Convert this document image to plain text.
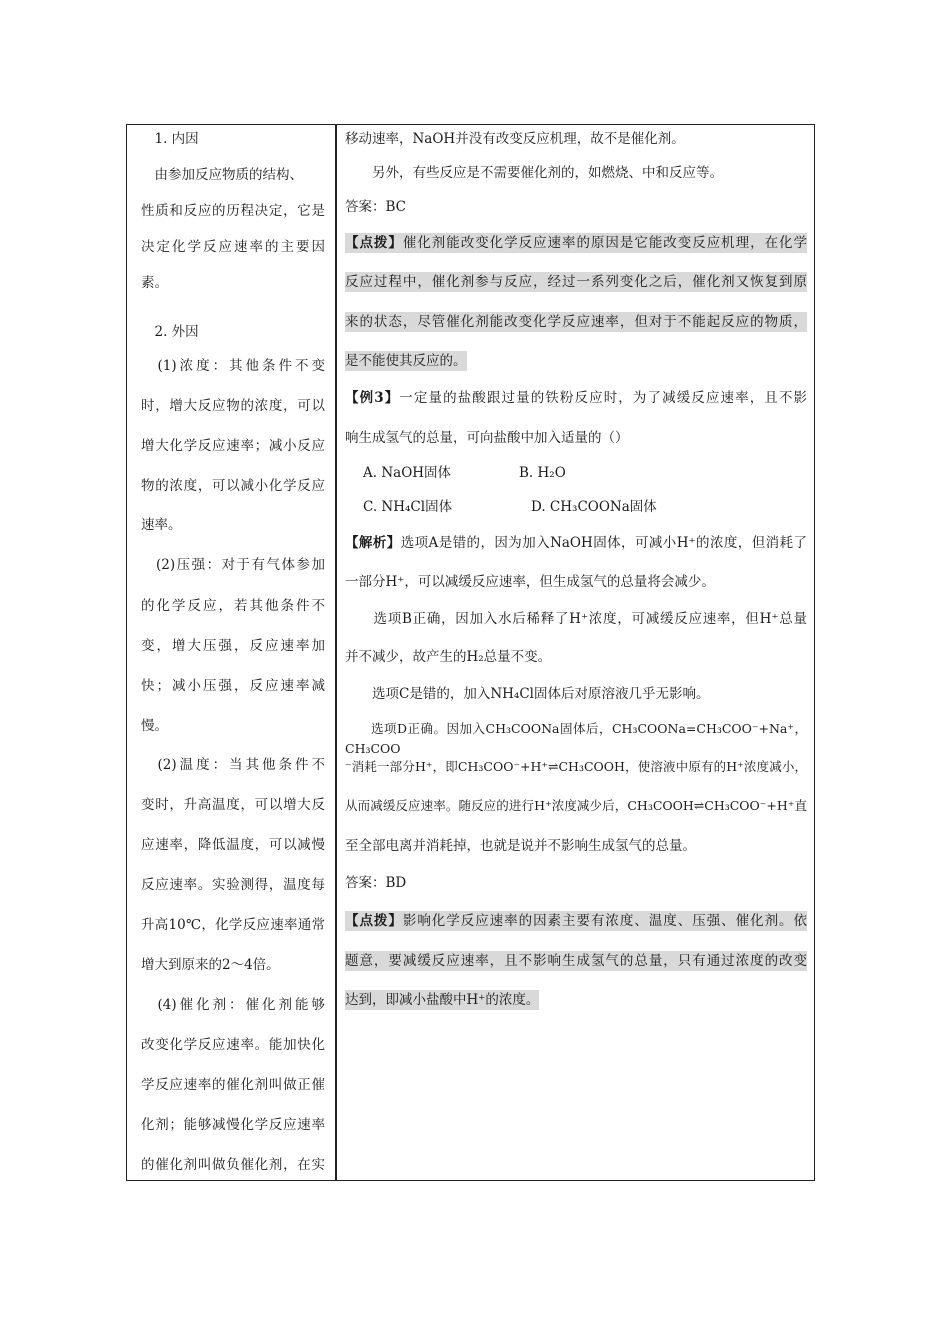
　1. 内因
　由参加反应物质的结构、
性质和反应的历程决定，它是
决定化学反应速率的主要因
素。
　2. 外因
　(1)浓度：其他条件不变
时，增大反应物的浓度，可以
增大化学反应速率；减小反应
物的浓度，可以减小化学反应
速率。
　(2)压强：对于有气体参加
的化学反应，若其他条件不
变，增大压强，反应速率加
快；减小压强，反应速率减
慢。
　(2)温度：当其他条件不
变时，升高温度，可以增大反
应速率，降低温度，可以减慢
反应速率。实验测得，温度每
升高10℃，化学反应速率通常
增大到原来的2～4倍。
　(4)催化剂：催化剂能够
改变化学反应速率。能加快化
学反应速率的催化剂叫做正催
化剂；能够减慢化学反应速率
的催化剂叫做负催化剂，在实
移动速率，NaOH并没有改变反应机理，故不是催化剂。
　　另外，有些反应是不需要催化剂的，如燃烧、中和反应等。
答案：BC
【点拨】催化剂能改变化学反应速率的原因是它能改变反应机理，在化学
反应过程中，催化剂参与反应，经过一系列变化之后，催化剂又恢复到原
来的状态，尽管催化剂能改变化学反应速率，但对于不能起反应的物质，
是不能使其反应的。
【例3】一定量的盐酸跟过量的铁粉反应时，为了减缓反应速率，且不影
响生成氢气的总量，可向盐酸中加入适量的（）
A. NaOH固体	B. H₂O
C. NH₄Cl固体	D. CH₃COONa固体
【解析】选项A是错的，因为加入NaOH固体，可减小H⁺的浓度，但消耗了
一部分H⁺，可以减缓反应速率，但生成氢气的总量将会减少。
　　选项B正确，因加入水后稀释了H⁺浓度，可减缓反应速率，但H⁺总量
并不减少，故产生的H₂总量不变。
　　选项C是错的，加入NH₄Cl固体后对原溶液几乎无影响。
　　选项D正确。因加入CH₃COONa固体后，CH₃COONa=CH₃COO⁻+Na⁺，CH₃COO
⁻消耗一部分H⁺，即CH₃COO⁻+H⁺⇌CH₃COOH，使溶液中原有的H⁺浓度减小，
从而减缓反应速率。随反应的进行H⁺浓度减少后，CH₃COOH⇌CH₃COO⁻+H⁺直
至全部电离并消耗掉，也就是说并不影响生成氢气的总量。
答案：BD
【点拨】影响化学反应速率的因素主要有浓度、温度、压强、催化剂。依
题意，要减缓反应速率，且不影响生成氢气的总量，只有通过浓度的改变
达到，即减小盐酸中H⁺的浓度。
